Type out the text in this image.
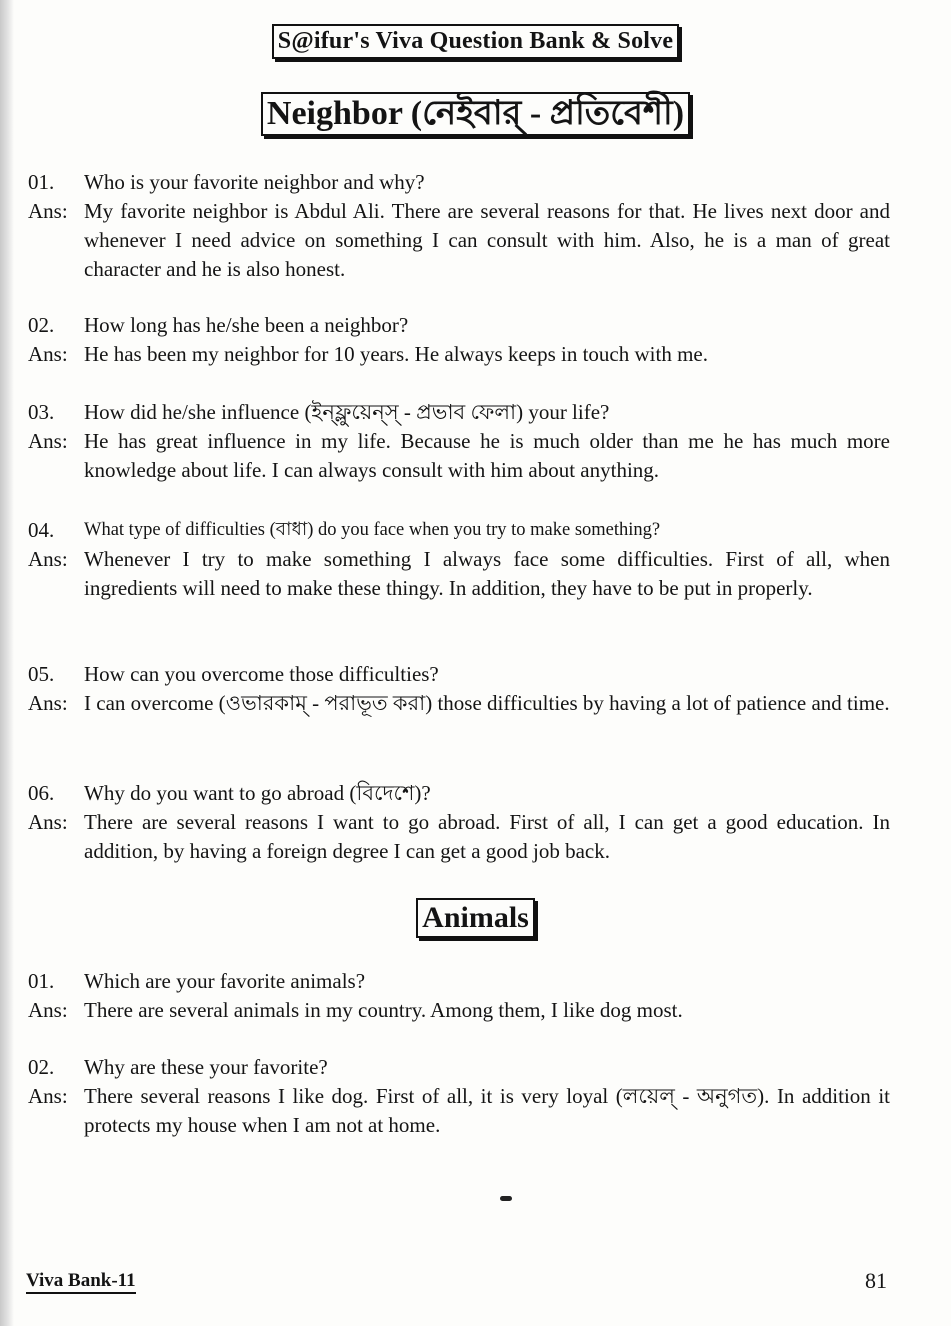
S@ifur's Viva Question Bank & Solve
Neighbor (নেইবার্ - প্রতিবেশী)
01.	Who is your favorite neighbor and why?
Ans: My favorite neighbor is Abdul Ali. There are several reasons for that. He lives next door and whenever I need advice on something I can consult with him. Also, he is a man of great character and he is also honest.
02.	How long has he/she been a neighbor?
Ans: He has been my neighbor for 10 years. He always keeps in touch with me.
03.	How did he/she influence (ইন্ফ্লুয়েন্স্ - প্রভাব ফেলা) your life?
Ans: He has great influence in my life. Because he is much older than me he has much more knowledge about life. I can always consult with him about anything.
04.	What type of difficulties (বাধা) do you face when you try to make something?
Ans: Whenever I try to make something I always face some difficulties. First of all, when ingredients will need to make these thingy. In addition, they have to be put in properly.
05.	How can you overcome those difficulties?
Ans: I can overcome (ওভারকাম্ - পরাভূত করা) those difficulties by having a lot of patience and time.
06.	Why do you want to go abroad (বিদেশে)?
Ans: There are several reasons I want to go abroad. First of all, I can get a good education. In addition, by having a foreign degree I can get a good job back.
Animals
01.	Which are your favorite animals?
Ans: There are several animals in my country. Among them, I like dog most.
02.	Why are these your favorite?
Ans: There several reasons I like dog. First of all, it is very loyal (লয়েল্ - অনুগত). In addition it protects my house when I am not at home.
Viva Bank-11	81
